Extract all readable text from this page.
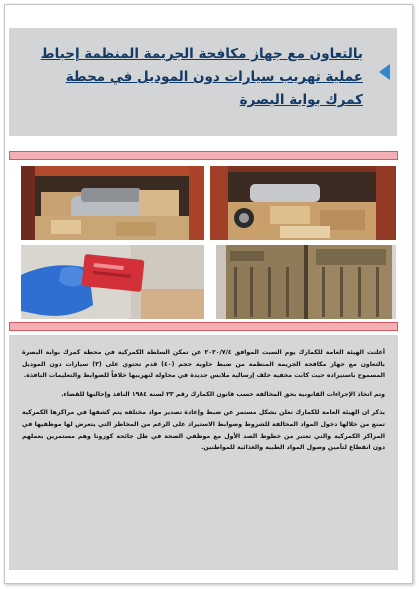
بالتعاون مع جهاز مكافحة الجريمة المنظمة إحباط عملية تهريب سيارات دون الموديل في محطة كمرك بوابة البصرة

أعلنت الهيئة العامة للكمارك يوم السبت الموافق ٢٠٢٠/٧/٤ عن تمكن السلطة الكمركية في محطة كمرك بوابة البصرة بالتعاون مع جهاز مكافحة الجريمة المنظمة من ضبط حاوية حجم (٤٠) قدم تحتوي على (٣) سيارات دون الموديل المسموح باستيراده حيث كانت مخفية خلف إرسالية ملابس جديدة في محاولة لتهريبها خلافاً للضوابط والتعليمات النافذة.

وتم اتخاذ الإجراءات القانونية بحق المخالفة حسب قانون الكمارك رقم ٢٣ لسنة ١٩٨٤ النافذ وإحالتها للقضاء.

يذكر ان الهيئة العامة للكمارك تعلن بشكل مستمر عن ضبط وإعادة تصدير مواد مختلفة يتم كشفها في مراكزها الكمركية تمنع من خلالها دخول المواد المخالفة للشروط وضوابط الاستيراد على الرغم من المخاطر التي يتعرض لها موظفيها في المراكز الكمركية والتي تعتبر من خطوط الصد الأول مع موظفي الصحة في ظل جائحة كورونا وهم مستمرين بعملهم دون انقطاع لتأمين وصول المواد الطبية والغذائية للمواطنين.
